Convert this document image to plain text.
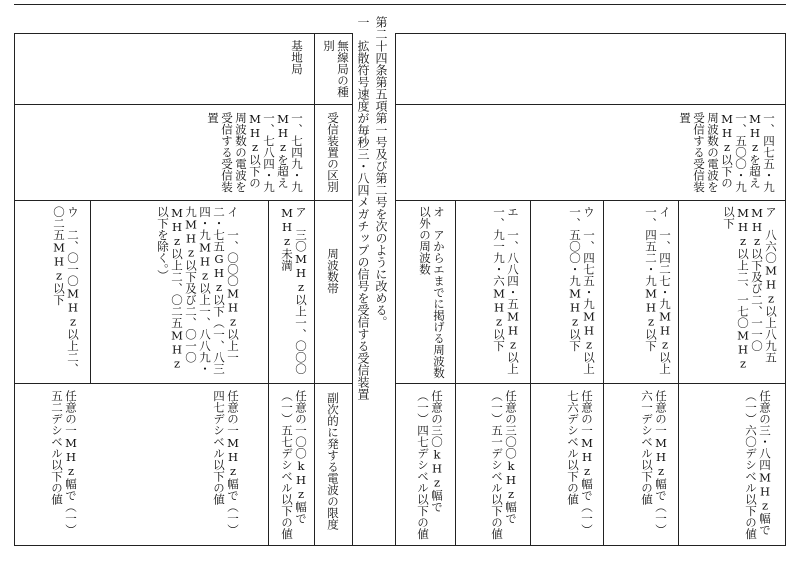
第二十四条第五項第一号及び第二号を次のように改める。
一　拡散符号速度が毎秒三・八四メガチップの信号を受信する受信装置
無線局の種別
受信装置の区別
周波数帯
副次的に発する電波の限度
基地局
一、七四九・九MHzを超え一、七八四・九MHz以下の周波数の電波を受信する受信装置
ア　三〇MHz以上一、〇〇〇MHz未満
イ　一、〇〇〇MHz以上一二・七五GHz以下（一、八三四・九MHz以上一、八八九・九MHz以下及び二、〇一〇MHz以上二、〇二五MHz以下を除く。）
ウ　二、〇一〇MHz以上二、〇二五MHz以下
任意の一〇〇kHz幅で（一）五七デシベル以下の値
任意の一MHz幅で（一）四七デシベル以下の値
任意の一MHz幅で（一）五二デシベル以下の値
一、四七五・九MHzを超え一、五〇〇・九MHz以下の周波数の電波を受信する受信装置
ア　八六〇MHz以上八九五MHz以下及び二、一一〇MHz以上二、一七〇MHz以下
イ　一、四二七・九MHz以上一、四五二・九MHz以下
ウ　一、四七五・九MHz以上一、五〇〇・九MHz以下
エ　一、八八四・五MHz以上一、九一九・六MHz以下
オ　アからエまでに掲げる周波数以外の周波数
任意の三・八四MHz幅で（一）六〇デシベル以下の値
任意の一MHz幅で（一）六一デシベル以下の値
任意の一MHz幅で（一）七六デシベル以下の値
任意の三〇〇kHz幅で（一）五一デシベル以下の値
任意の三〇kHz幅で（一）四七デシベル以下の値
